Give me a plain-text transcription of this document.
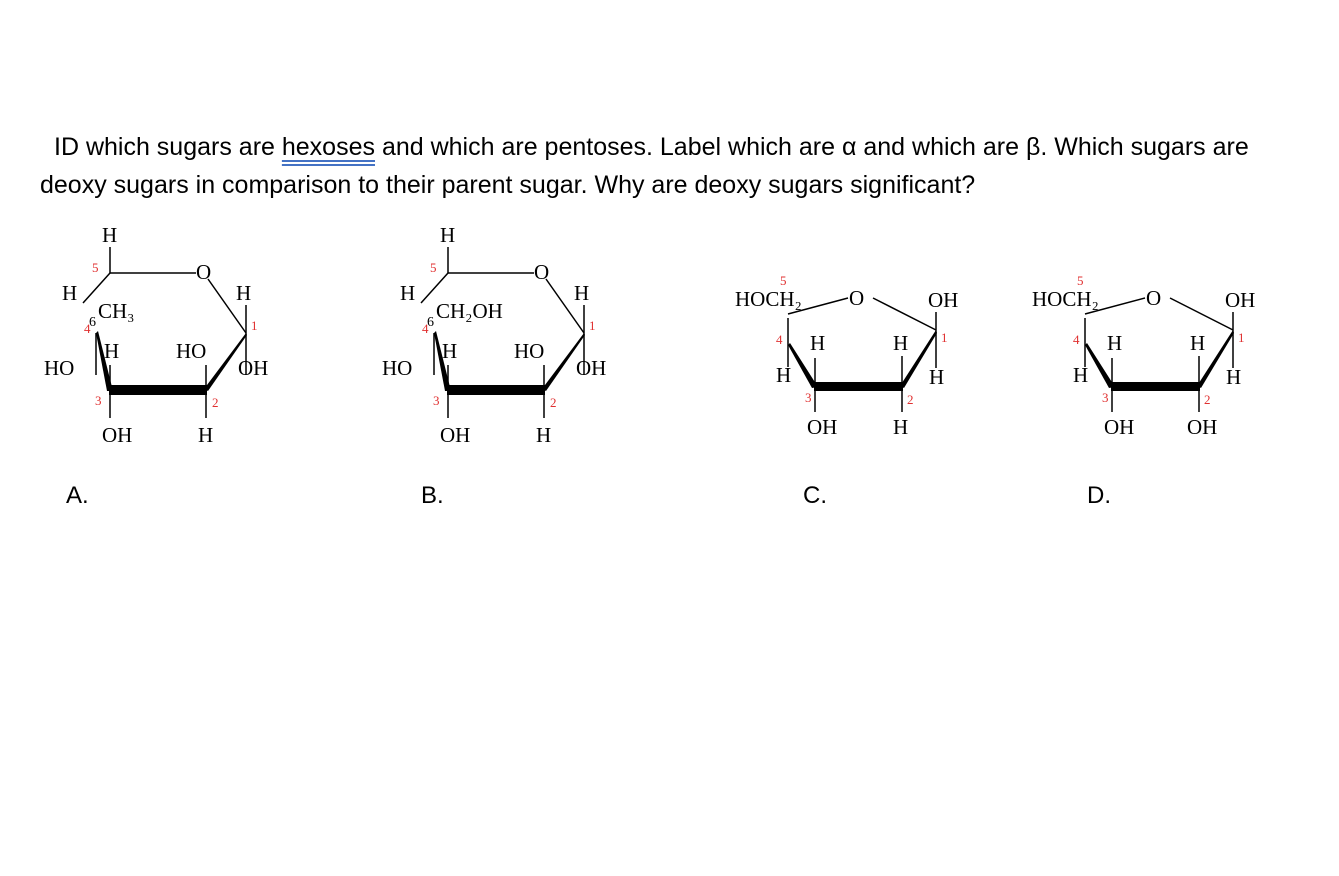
ID which sugars are hexoses and which are pentoses. Label which are α and which are β. Which sugars are deoxy sugars in comparison to their parent sugar. Why are deoxy sugars significant?

H
5
H
6 CH₃
4
O
H
1
OH
H
HO
HO
3	2
OH	H
H
5
H
6 CH₂OH
4
O
H
1
OH
H
HO
HO
3	2
OH	H
5
HOCH₂ O	OH
1
H
4
H
H	H
3	2
OH	H
5
HOCH₂ O	OH
1
H
4
H
H	H
3	2
OH	OH
A.	B.	C.	D.
